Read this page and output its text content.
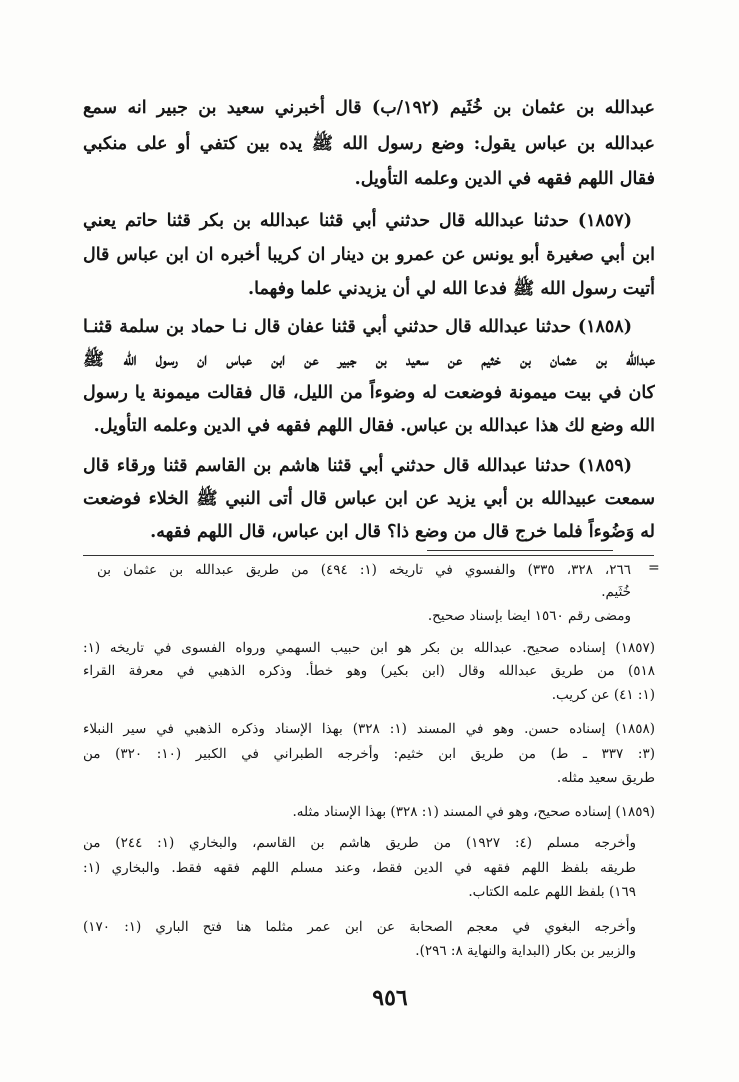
عبدالله بن عثمان بن خُثَيم (١٩٢/ب) قال أخبرني سعيد بن جبير انه سمع
عبدالله بن عباس يقول: وضع رسول الله ﷺ يده بين كتفي أو على منكبي
فقال اللهم فقهه في الدين وعلمه التأويل.
(١٨٥٧) حدثنا عبدالله قال حدثني أبي قثنا عبدالله بن بكر قثنا حاتم يعني
ابن أبي صغيرة أبو يونس عن عمرو بن دينار ان كريبا أخبره ان ابن عباس قال
أتيت رسول الله ﷺ فدعا الله لي أن يزيدني علما وفهما.
(١٨٥٨) حدثنا عبدالله قال حدثني أبي قثنا عفان قال نـا حماد بن سلمة قثنـا
عبدالله بن عثمان بن خثيم عن سعيد بن جبير عن ابن عباس ان رسول الله ﷺ
كان في بيت ميمونة فوضعت له وضوءاً من الليل، قال فقالت ميمونة يا رسول
الله وضع لك هذا عبدالله بن عباس. فقال اللهم فقهه في الدين وعلمه التأويل.
(١٨٥٩) حدثنا عبدالله قال حدثني أبي قثنا هاشم بن القاسم قثنا ورقاء قال
سمعت عبيدالله بن أبي يزيد عن ابن عباس قال أتى النبي ﷺ الخلاء فوضعت
له وَضُوءاً فلما خرج قال من وضع ذا؟ قال ابن عباس، قال اللهم فقهه.
=
٢٦٦، ٣٢٨، ٣٣٥) والفسوي في تاريخه (١: ٤٩٤) من طريق عبدالله بن عثمان بن
خُثَيم.
ومضى رقم ١٥٦٠ ايضا بإسناد صحيح.
(١٨٥٧) إسناده صحيح. عبدالله بن بكر هو ابن حبيب السهمي ورواه الفسوى في تاريخه (١:
٥١٨) من طريق عبدالله وقال (ابن بكير) وهو خطأ. وذكره الذهبي في معرفة القراء
(١: ٤١) عن كريب.
(١٨٥٨) إسناده حسن. وهو في المسند (١: ٣٢٨) بهذا الإسناد وذكره الذهبي في سير النبلاء
(٣: ٣٣٧ ـ ط) من طريق ابن خثيم: وأخرجه الطبراني في الكبير (١٠: ٣٢٠) من
طريق سعيد مثله.
(١٨٥٩) إسناده صحيح، وهو في المسند (١: ٣٢٨) بهذا الإسناد مثله.
وأخرجه مسلم (٤: ١٩٢٧) من طريق هاشم بن القاسم، والبخاري (١: ٢٤٤) من
طريقه بلفظ اللهم فقهه في الدين فقط، وعند مسلم اللهم فقهه فقط. والبخاري (١:
١٦٩) بلفظ اللهم علمه الكتاب.
وأخرجه البغوي في معجم الصحابة عن ابن عمر مثلما هنا فتح الباري (١: ١٧٠)
والزبير بن بكار (البداية والنهاية ٨: ٢٩٦).
٩٥٦
